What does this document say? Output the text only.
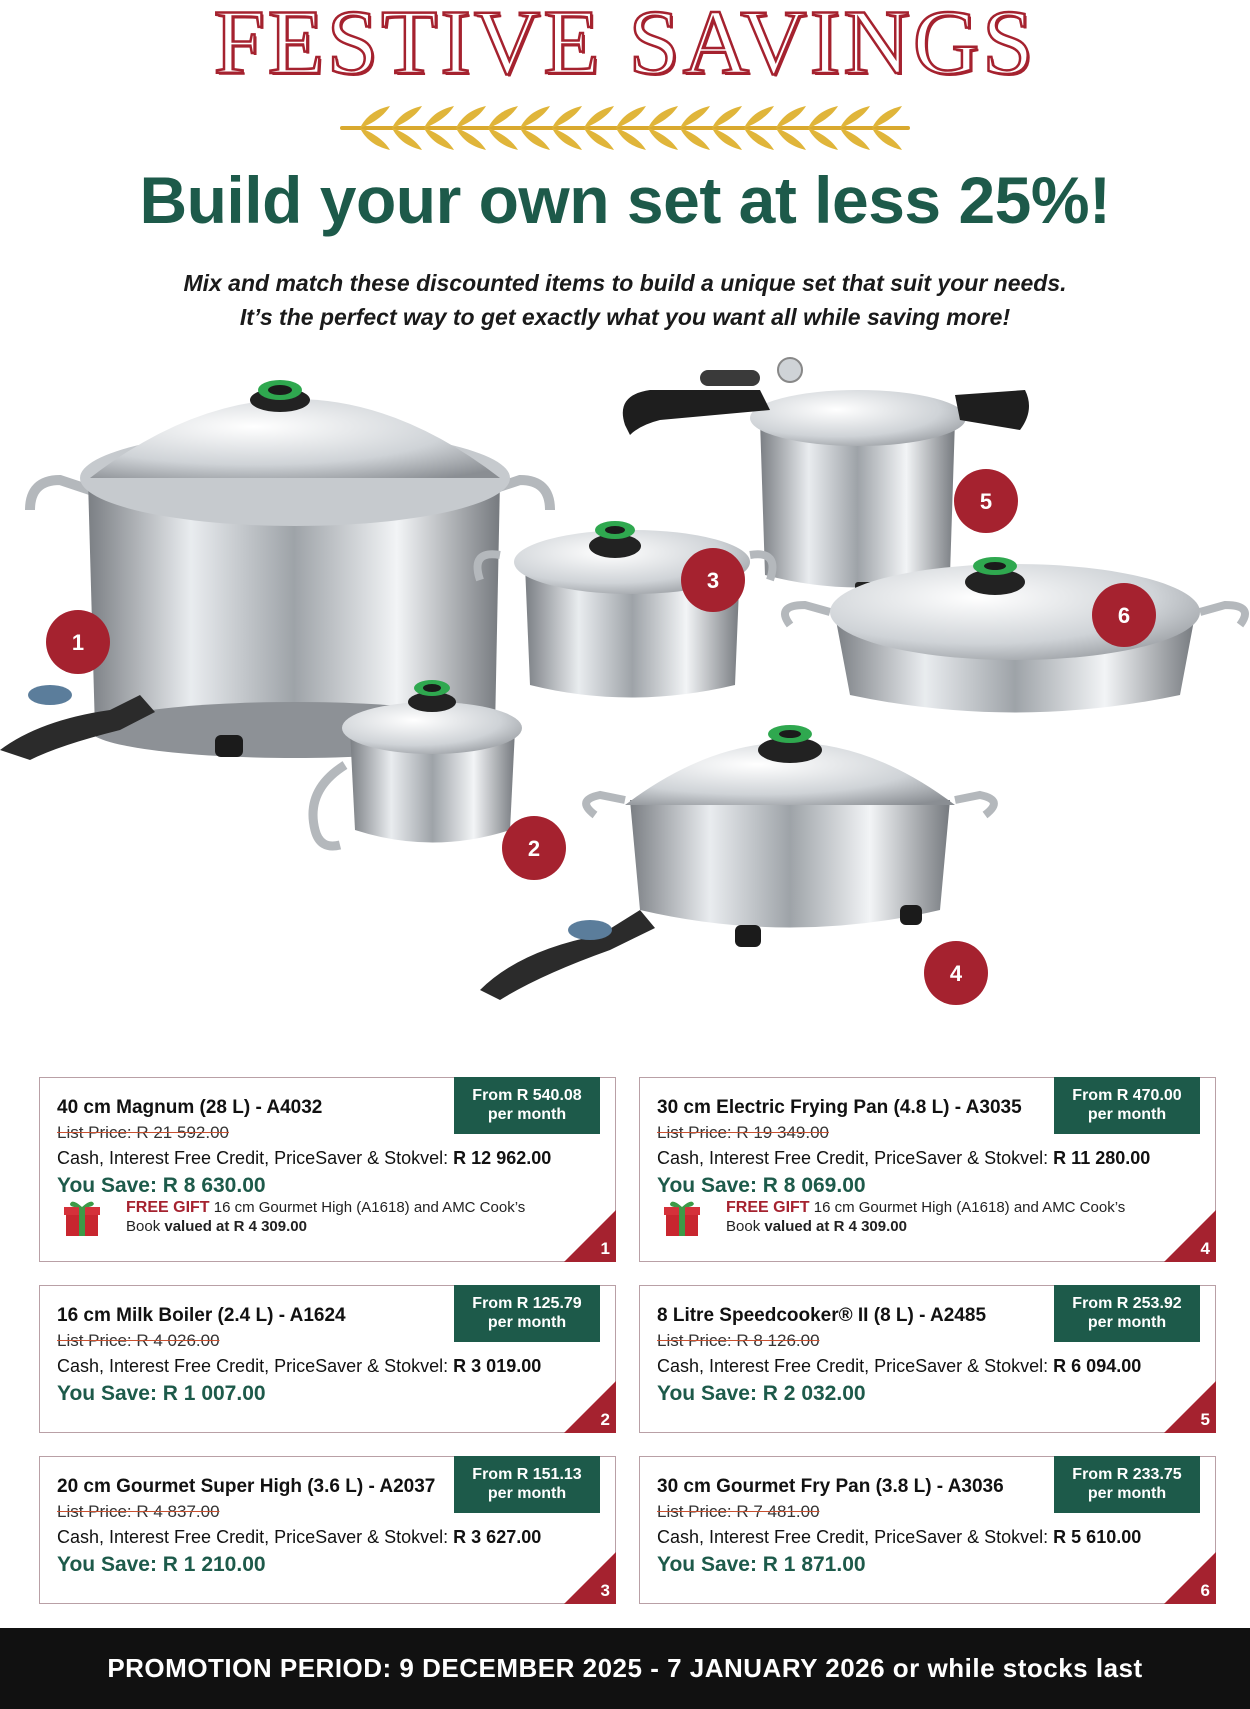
FESTIVE SAVINGS
Build your own set at less 25%!
Mix and match these discounted items to build a unique set that suit your needs.
It’s the perfect way to get exactly what you want all while saving more!
1
2
3
4
5
6
40 cm Magnum (28 L) - A4032
From R 540.08
per month
List Price: R 21 592.00
Cash, Interest Free Credit, PriceSaver & Stokvel: R 12 962.00
You Save: R 8 630.00
FREE GIFT 16 cm Gourmet High (A1618) and AMC Cook’s Book valued at R 4 309.00
1
30 cm Electric Frying Pan (4.8 L) - A3035
From R 470.00
per month
List Price: R 19 349.00
Cash, Interest Free Credit, PriceSaver & Stokvel: R 11 280.00
You Save: R 8 069.00
FREE GIFT 16 cm Gourmet High (A1618) and AMC Cook’s Book valued at R 4 309.00
4
16 cm Milk Boiler (2.4 L) - A1624
From R 125.79
per month
List Price: R 4 026.00
Cash, Interest Free Credit, PriceSaver & Stokvel: R 3 019.00
You Save: R 1 007.00
2
8 Litre Speedcooker® II (8 L) - A2485
From R 253.92
per month
List Price: R 8 126.00
Cash, Interest Free Credit, PriceSaver & Stokvel: R 6 094.00
You Save: R 2 032.00
5
20 cm Gourmet Super High (3.6 L) - A2037
From R 151.13
per month
List Price: R 4 837.00
Cash, Interest Free Credit, PriceSaver & Stokvel: R 3 627.00
You Save: R 1 210.00
3
30 cm Gourmet Fry Pan (3.8 L) - A3036
From R 233.75
per month
List Price: R 7 481.00
Cash, Interest Free Credit, PriceSaver & Stokvel: R 5 610.00
You Save: R 1 871.00
6
PROMOTION PERIOD: 9 DECEMBER 2025 - 7 JANUARY 2026 or while stocks last
